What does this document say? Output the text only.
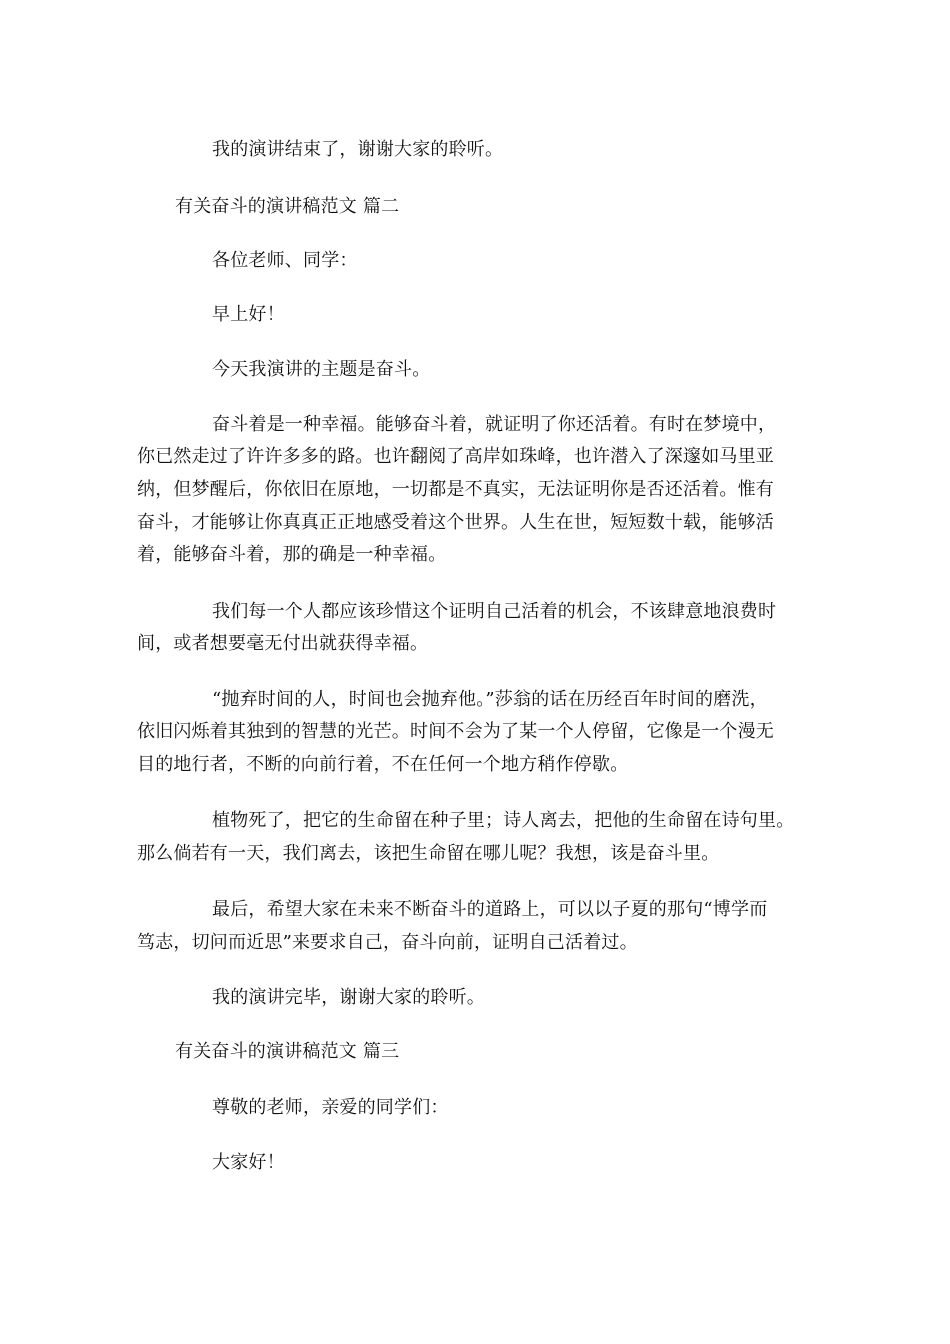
我的演讲结束了，谢谢大家的聆听。
有关奋斗的演讲稿范文 篇二
各位老师、同学：
早上好！
今天我演讲的主题是奋斗。
奋斗着是一种幸福。能够奋斗着，就证明了你还活着。有时在梦境中，
你已然走过了许许多多的路。也许翻阅了高岸如珠峰，也许潜入了深邃如马里亚
纳，但梦醒后，你依旧在原地，一切都是不真实，无法证明你是否还活着。惟有
奋斗，才能够让你真真正正地感受着这个世界。人生在世，短短数十载，能够活
着，能够奋斗着，那的确是一种幸福。
我们每一个人都应该珍惜这个证明自己活着的机会，不该肆意地浪费时
间，或者想要毫无付出就获得幸福。
“抛弃时间的人，时间也会抛弃他。”莎翁的话在历经百年时间的磨洗，
依旧闪烁着其独到的智慧的光芒。时间不会为了某一个人停留，它像是一个漫无
目的地行者，不断的向前行着，不在任何一个地方稍作停歇。
植物死了，把它的生命留在种子里；诗人离去，把他的生命留在诗句里。
那么倘若有一天，我们离去，该把生命留在哪儿呢？我想，该是奋斗里。
最后，希望大家在未来不断奋斗的道路上，可以以子夏的那句“博学而
笃志，切问而近思”来要求自己，奋斗向前，证明自己活着过。
我的演讲完毕，谢谢大家的聆听。
有关奋斗的演讲稿范文 篇三
尊敬的老师，亲爱的同学们：
大家好！
